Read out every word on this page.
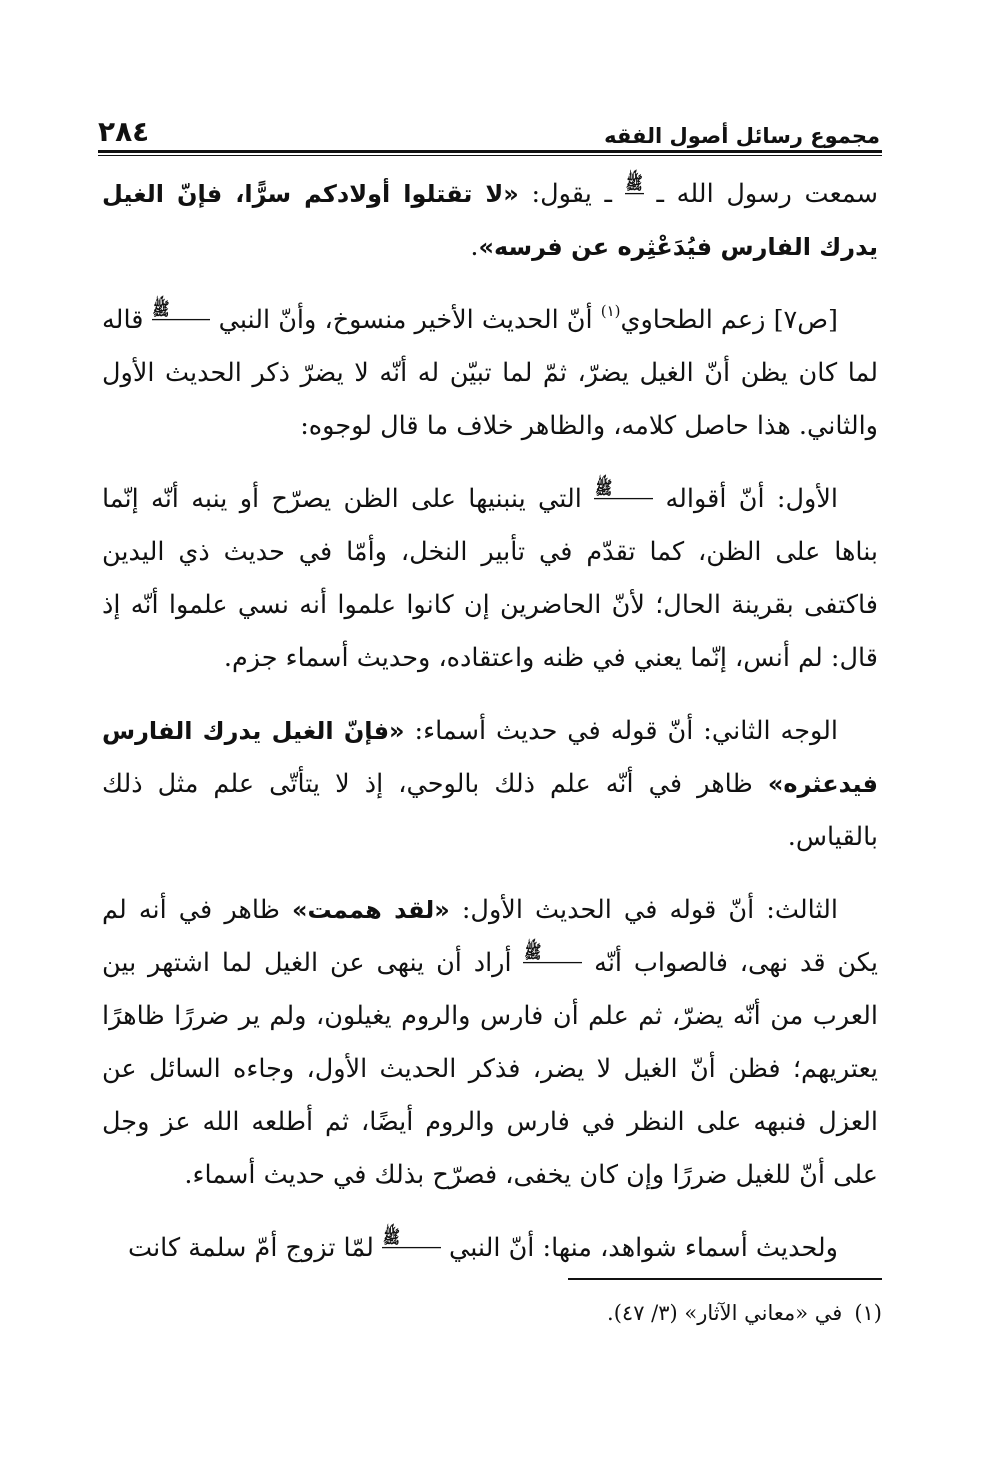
مجموع رسائل أصول الفقه
٢٨٤

سمعت رسول الله ـ ﷺ ـ يقول: «لا تقتلوا أولادكم سرًّا، فإنّ الغيل يدرك الفارس فيُدَعْثِره عن فرسه».

[ص٧] زعم الطحاوي$^{(١)}$ أنّ الحديث الأخير منسوخ، وأنّ النبي ﷺ قاله لما كان يظن أنّ الغيل يضرّ، ثمّ لما تبيّن له أنّه لا يضرّ ذكر الحديث الأول والثاني. هذا حاصل كلامه، والظاهر خلاف ما قال لوجوه:

الأول: أنّ أقواله ﷺ التي ينبنيها على الظن يصرّح أو ينبه أنّه إنّما بناها على الظن، كما تقدّم في تأبير النخل، وأمّا في حديث ذي اليدين فاكتفى بقرينة الحال؛ لأنّ الحاضرين إن كانوا علموا أنه نسي علموا أنّه إذ قال: لم أنس، إنّما يعني في ظنه واعتقاده، وحديث أسماء جزم.

الوجه الثاني: أنّ قوله في حديث أسماء: «فإنّ الغيل يدرك الفارس فيدعثره» ظاهر في أنّه علم ذلك بالوحي، إذ لا يتأتّى علم مثل ذلك بالقياس.

الثالث: أنّ قوله في الحديث الأول: «لقد هممت» ظاهر في أنه لم يكن قد نهى، فالصواب أنّه ﷺ أراد أن ينهى عن الغيل لما اشتهر بين العرب من أنّه يضرّ، ثم علم أن فارس والروم يغيلون، ولم ير ضررًا ظاهرًا يعتريهم؛ فظن أنّ الغيل لا يضر، فذكر الحديث الأول، وجاءه السائل عن العزل فنبهه على النظر في فارس والروم أيضًا، ثم أطلعه الله عز وجل على أنّ للغيل ضررًا وإن كان يخفى، فصرّح بذلك في حديث أسماء.

ولحديث أسماء شواهد، منها: أنّ النبي ﷺ لمّا تزوج أمّ سلمة كانت

(١)في «معاني الآثار» (٣/ ٤٧).
